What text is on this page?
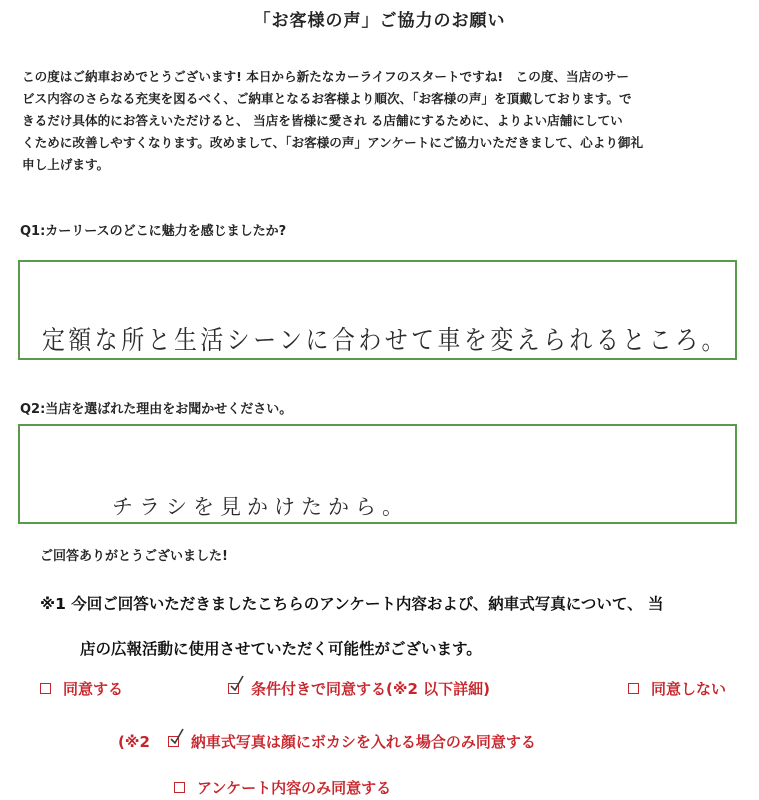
「お客様の声」ご協力のお願い
この度はご納車おめでとうございます! 本日から新たなカーライフのスタートですね!　この度、当店のサー
ビス内容のさらなる充実を図るべく、ご納車となるお客様より順次、「お客様の声」を頂戴しております。で
きるだけ具体的にお答えいただけると、 当店を皆様に愛され る店舗にするために、よりよい店舗にしてい
くために改善しやすくなります。改めまして、「お客様の声」アンケートにご協力いただきまして、心より御礼
申し上げます。
Q1:カーリースのどこに魅力を感じましたか?
定額な所と生活シーンに合わせて車を変えられるところ。
Q2:当店を選ばれた理由をお聞かせください。
チラシを見かけたから。
ご回答ありがとうございました!
※1 今回ご回答いただきましたこちらのアンケート内容および、納車式写真について、 当
店の広報活動に使用させていただく可能性がございます。
同意する	条件付きで同意する(※2 以下詳細)	同意しない
(※2	納車式写真は顔にボカシを入れる場合のみ同意する
アンケート内容のみ同意する
